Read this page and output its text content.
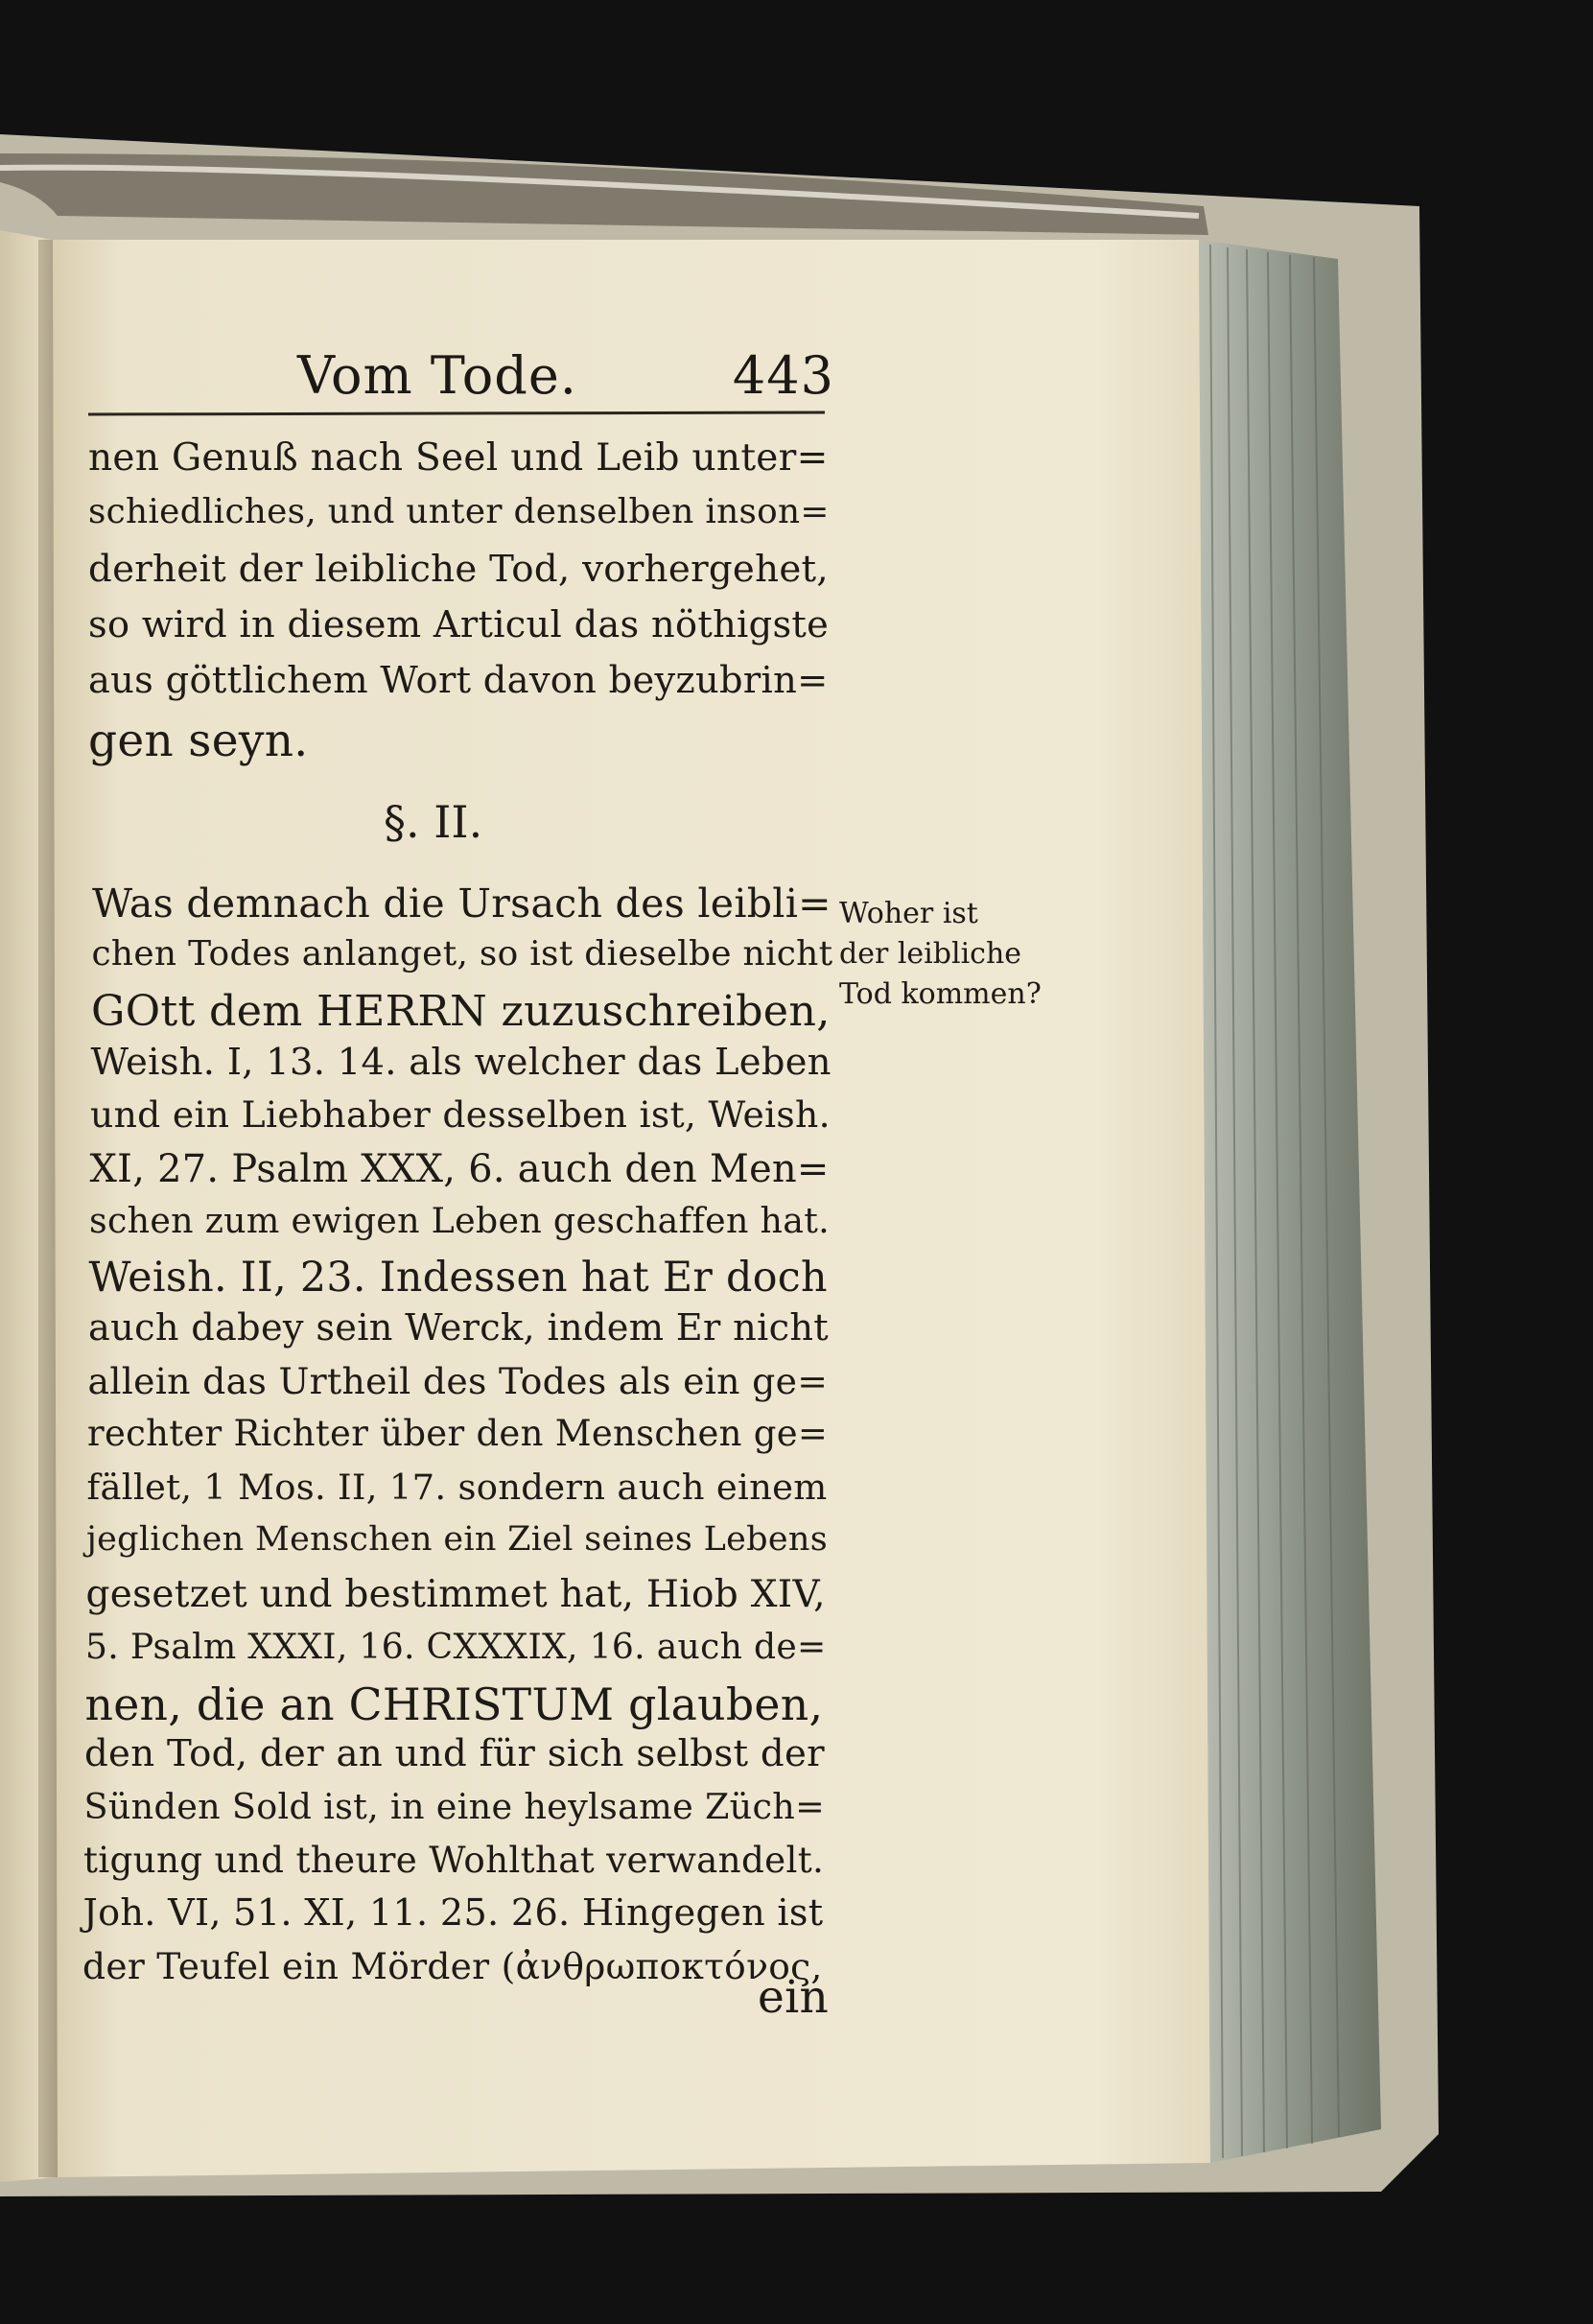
Vom Tode.	443
nen Genuß nach Seel und Leib unter=
schiedliches, und unter denselben inson=
derheit der leibliche Tod, vorhergehet,
so wird in diesem Articul das nöthigste
aus göttlichem Wort davon beyzubrin=
gen seyn.
§. II.
Was demnach die Ursach des leibli=
chen Todes anlanget, so ist dieselbe nicht
GOtt dem HERRN zuzuschreiben,
Weish. I, 13. 14. als welcher das Leben
und ein Liebhaber desselben ist, Weish.
XI, 27. Psalm XXX, 6. auch den Men=
schen zum ewigen Leben geschaffen hat.
Weish. II, 23. Indessen hat Er doch
auch dabey sein Werck, indem Er nicht
allein das Urtheil des Todes als ein ge=
rechter Richter über den Menschen ge=
fället, 1 Mos. II, 17. sondern auch einem
jeglichen Menschen ein Ziel seines Lebens
gesetzet und bestimmet hat, Hiob XIV,
5. Psalm XXXI, 16. CXXXIX, 16. auch de=
nen, die an CHRISTUM glauben,
den Tod, der an und für sich selbst der
Sünden Sold ist, in eine heylsame Züch=
tigung und theure Wohlthat verwandelt.
Joh. VI, 51. XI, 11. 25. 26. Hingegen ist
der Teufel ein Mörder (ἀνθρωποκτόνος,
Woher ist
der leibliche
Tod kommen?
ein
